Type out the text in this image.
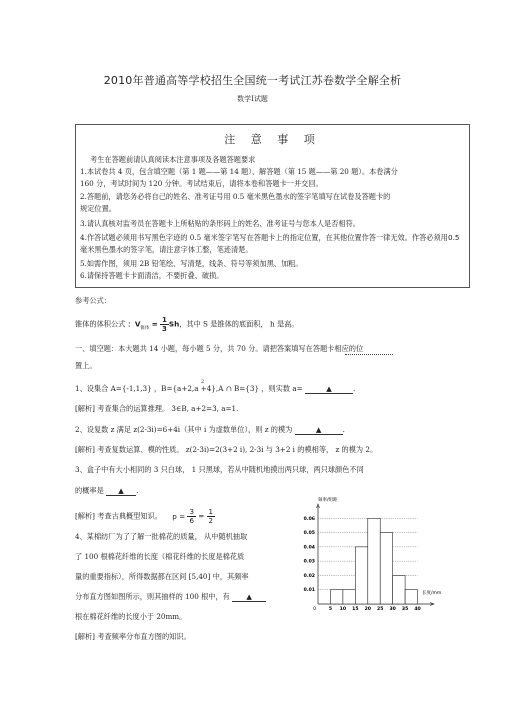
2010年普通高等学校招生全国统一考试江苏卷数学全解全析
数学Ⅰ试题
注 意 事 项
考生在答题前请认真阅读本注意事项及各题答题要求
1.本试卷共 4 页，包含填空题（第 1 题——第 14 题）、解答题（第 15 题——第 20 题）。本卷满分
160 分，考试时间为 120 分钟。考试结束后，请将本卷和答题卡一并交回。
2.答题前，请您务必将自己的姓名、准考证号用 0.5 毫米黑色墨水的签字笔填写在试卷及答题卡的
规定位置。
3.请认真核对监考员在答题卡上所粘贴的条形码上的姓名、准考证号与您本人是否相符。
4.作答试题必须用书写黑色字迹的 0.5 毫米签字笔写在答题卡上的指定位置，在其他位置作答一律无效。作答必须用 0.5
毫米黑色墨水的签字笔，请注意字体工整，笔迹清楚。
5.如需作图，须用 2B 铅笔绘、写清楚，线条、符号等须加黑、加粗。
6.请保持答题卡卡面清洁，不要折叠、破损。
参考公式：
锥体的体积公式 ：$V_{锥体} = \frac{1}{3}$ Sh，其中 S 是锥体的底面积， h 是高。
一、填空题：本大题共 14 小题，每小题 5 分，共 70 分。请把答案填写在答题卡相应的位
置上。
1、设集合 A={-1,1,3} ，B={a+2,a +4},A ∩ B={3} ，则实数 a=	▲	.
2
[解析] 考查集合的运算推理。 3∈B, a+2=3, a=1.
2、设复数 z 满足 z(2-3i)=6+4i（其中 i 为虚数单位），则 z 的模为	▲	.
[解析] 考查复数运算、模的性质。 z(2-3i)=2(3+2 i), 2-3i 与 3+2 i 的模相等， z 的模为 2。
3、盒子中有大小相同的 3 只白球， 1 只黑球，若从中随机地摸出两只球，两只球颜色不同
的概率是 ▲ .
[解析] 考查古典概型知识。 $p = \frac{3}{6} = \frac{1}{2}$
4、某棉纺厂为了了解一批棉花的质量， 从中随机抽取
了 100 根棉花纤维的长度（棉花纤维的长度是棉花质
量的重要指标），所得数据都在区间 [5,40] 中，其频率
分布直方图如图所示，则其抽样的 100 根中，有 ▲
根在棉花纤维的长度小于 20mm。
[解析] 考查频率分布直方图的知识。
频率/组距
长度/mm
0.06
0.05
0.04
0.03
0.02
0.01
5 10 15 20 25 30 35 40
0
